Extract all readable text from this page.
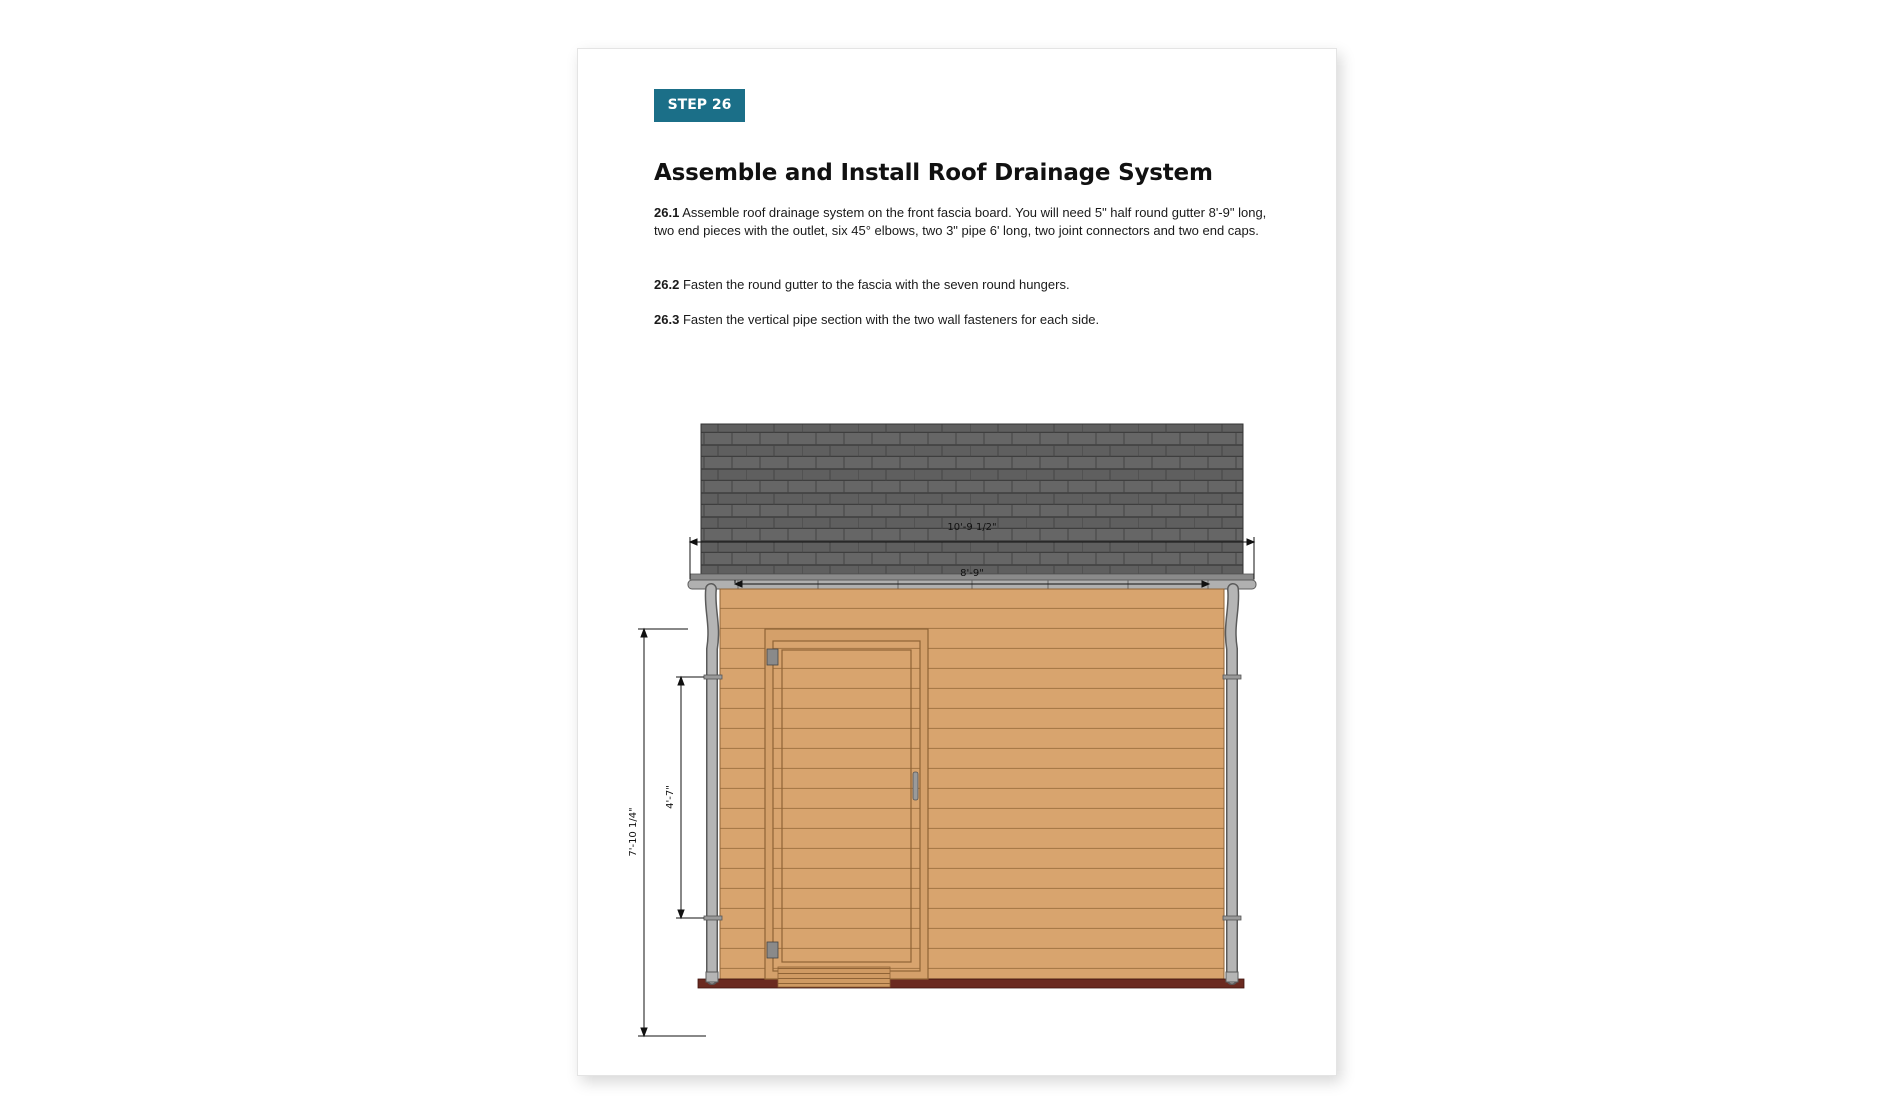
STEP 26
Assemble and Install Roof Drainage System

26.1 Assemble roof drainage system on the front fascia board. You will need 5" half round gutter 8'-9" long, two end pieces with the outlet, six 45° elbows, two 3" pipe 6' long, two joint connectors and two end caps.

26.2 Fasten the round gutter to the fascia with the seven round hungers.

26.3 Fasten the vertical pipe section with the two wall fasteners for each side.

10'-9 1/2"
8'-9"
7'-10 1/4"
4'-7"
